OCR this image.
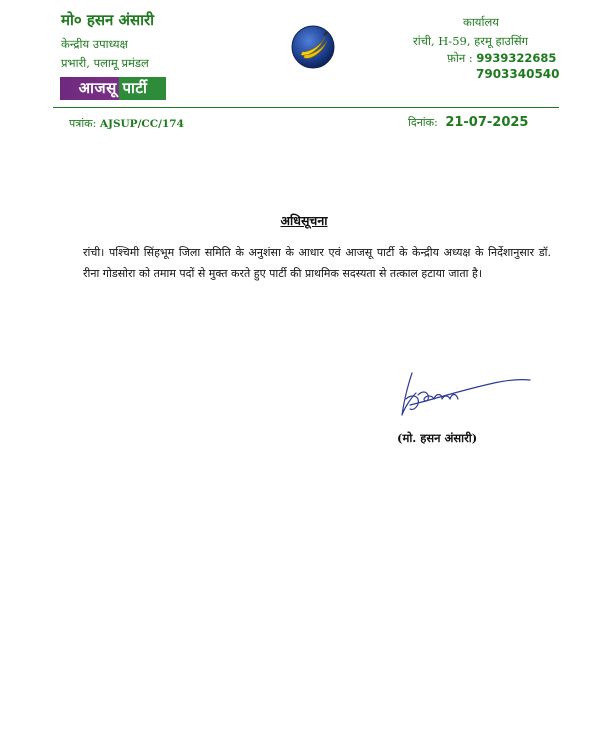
मो० हसन अंसारी
केन्द्रीय उपाध्यक्ष
प्रभारी, पलामू प्रमंडल
आजसू पार्टी
कार्यालय
रांची, H-59, हरमू हाउसिंग
फ़ोन : 9939322685
7903340540
पत्रांक: AJSUP/CC/174	दिनांक: 21-07-2025
अधिसूचना
रांची। पश्चिमी सिंहभूम जिला समिति के अनुशंसा के आधार एवं आजसू पार्टी के केन्द्रीय अध्यक्ष के निर्देशानुसार डॉ. रीना गोडसोरा को तमाम पदों से मुक्त करते हुए पार्टी की प्राथमिक सदस्यता से तत्काल हटाया जाता है।
(मो. हसन अंसारी)
